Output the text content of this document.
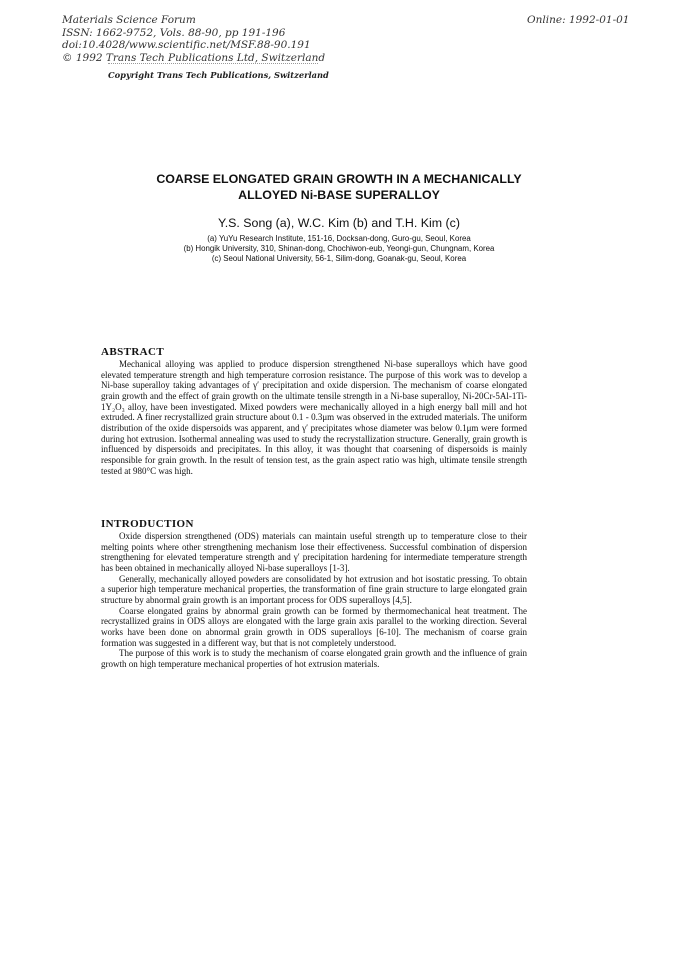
Materials Science Forum
ISSN: 1662-9752, Vols. 88-90, pp 191-196
doi:10.4028/www.scientific.net/MSF.88-90.191
© 1992 Trans Tech Publications Ltd, Switzerland
Online: 1992-01-01
Copyright Trans Tech Publications, Switzerland
COARSE ELONGATED GRAIN GROWTH IN A MECHANICALLY
ALLOYED Ni-BASE SUPERALLOY
Y.S. Song (a), W.C. Kim (b) and T.H. Kim (c)
(a) YuYu Research Institute, 151-16, Docksan-dong, Guro-gu, Seoul, Korea
(b) Hongik University, 310, Shinan-dong, Chochiwon-eub, Yeongi-gun, Chungnam, Korea
(c) Seoul National University, 56-1, Silim-dong, Goanak-gu, Seoul, Korea
ABSTRACT

Mechanical alloying was applied to produce dispersion strengthened Ni-base superalloys which have good elevated temperature strength and high temperature corrosion resistance. The purpose of this work was to develop a Ni-base superalloy taking advantages of γ′ precipitation and oxide dispersion. The mechanism of coarse elongated grain growth and the effect of grain growth on the ultimate tensile strength in a Ni-base superalloy, Ni-20Cr-5Al-1Ti-1Y₂O₃ alloy, have been investigated. Mixed powders were mechanically alloyed in a high energy ball mill and hot extruded. A finer recrystallized grain structure about 0.1 - 0.3μm was observed in the extruded materials. The uniform distribution of the oxide dispersoids was apparent, and γ′ precipitates whose diameter was below 0.1μm were formed during hot extrusion. Isothermal annealing was used to study the recrystallization structure. Generally, grain growth is influenced by dispersoids and precipitates. In this alloy, it was thought that coarsening of dispersoids is mainly responsible for grain growth. In the result of tension test, as the grain aspect ratio was high, ultimate tensile strength tested at 980°C was high.

INTRODUCTION

Oxide dispersion strengthened (ODS) materials can maintain useful strength up to temperature close to their melting points where other strengthening mechanism lose their effectiveness. Successful combination of dispersion strengthening for elevated temperature strength and γ′ precipitation hardening for intermediate temperature strength has been obtained in mechanically alloyed Ni-base superalloys [1-3].

Generally, mechanically alloyed powders are consolidated by hot extrusion and hot isostatic pressing. To obtain a superior high temperature mechanical properties, the transformation of fine grain structure to large elongated grain structure by abnormal grain growth is an important process for ODS superalloys [4,5].

Coarse elongated grains by abnormal grain growth can be formed by thermomechanical heat treatment. The recrystallized grains in ODS alloys are elongated with the large grain axis parallel to the working direction. Several works have been done on abnormal grain growth in ODS superalloys [6-10]. The mechanism of coarse grain formation was suggested in a different way, but that is not completely understood.

The purpose of this work is to study the mechanism of coarse elongated grain growth and the influence of grain growth on high temperature mechanical properties of hot extrusion materials.
